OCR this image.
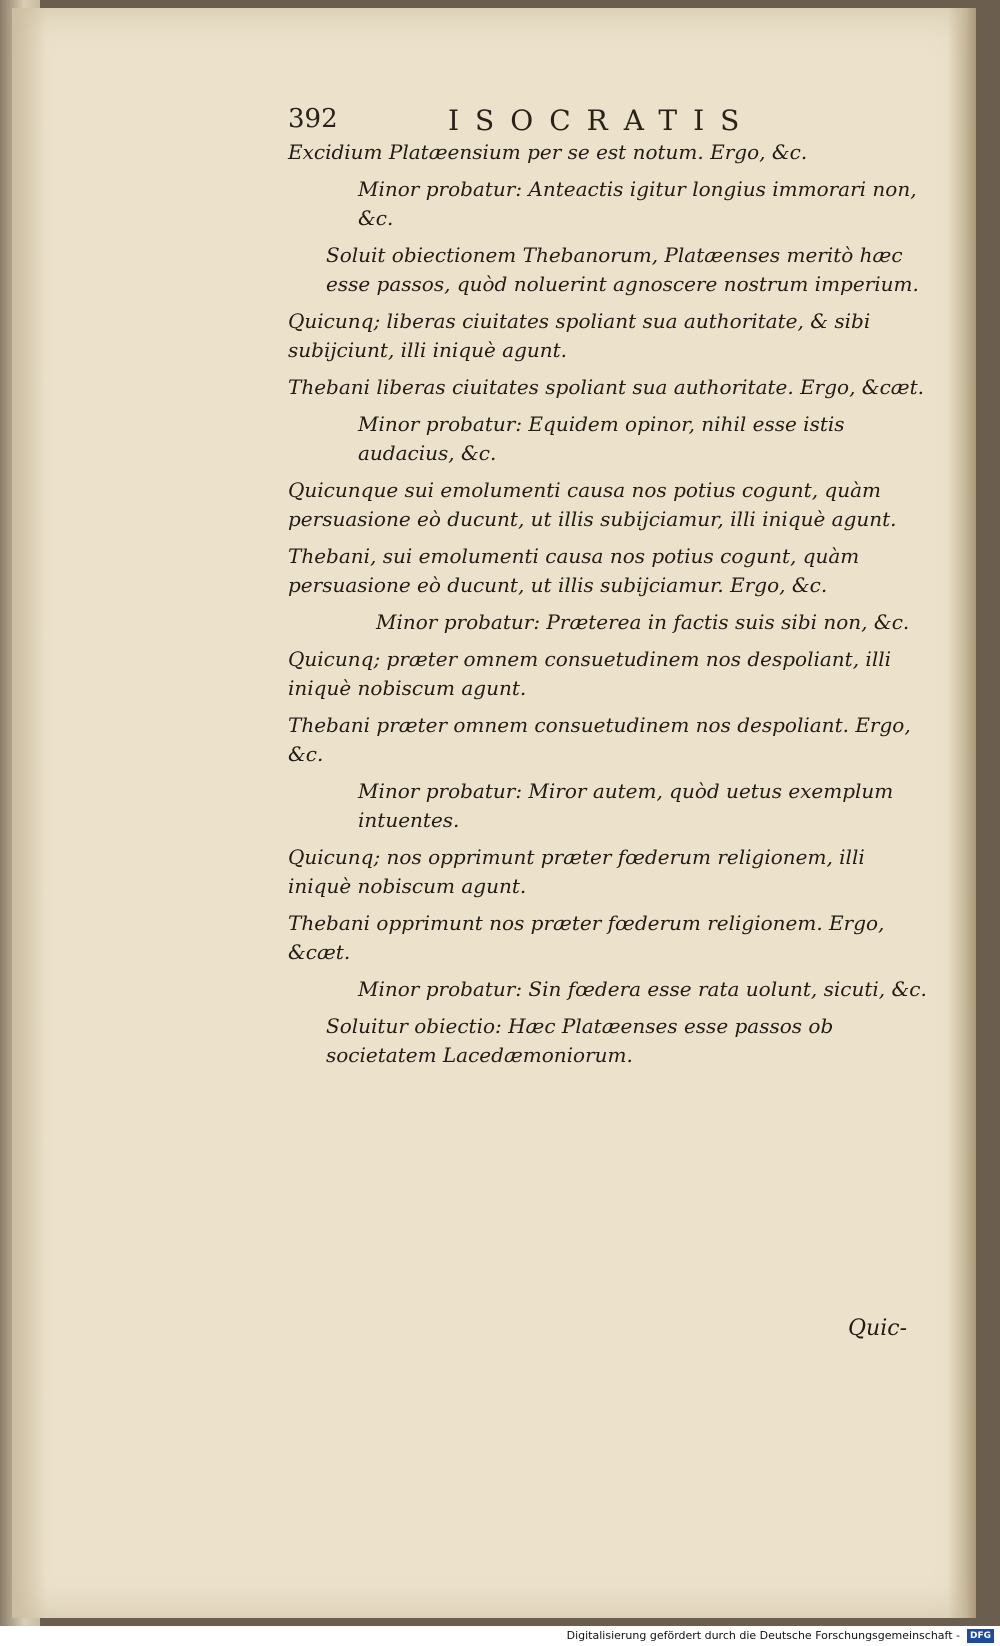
392	ISOCRATIS

Excidium Platæensium per se est notum. Ergo, &c.

Minor probatur: Anteactis igitur longius immorari non, &c.

Soluit obiectionem Thebanorum, Platæenses meritò hæc esse passos, quòd noluerint agnoscere nostrum imperium.

Quicunq; liberas ciuitates spoliant sua authoritate, & sibi subijciunt, illi iniquè agunt.

Thebani liberas ciuitates spoliant sua authoritate. Ergo, &cæt.

Minor probatur: Equidem opinor, nihil esse istis audacius, &c.

Quicunque sui emolumenti causa nos potius cogunt, quàm persuasione eò ducunt, ut illis subijciamur, illi iniquè agunt.

Thebani, sui emolumenti causa nos potius cogunt, quàm persuasione eò ducunt, ut illis subijciamur. Ergo, &c.

Minor probatur: Præterea in factis suis sibi non, &c.

Quicunq; præter omnem consuetudinem nos despoliant, illi iniquè nobiscum agunt.

Thebani præter omnem consuetudinem nos despoliant. Ergo, &c.

Minor probatur: Miror autem, quòd uetus exemplum intuentes.

Quicunq; nos opprimunt præter fœderum religionem, illi iniquè nobiscum agunt.

Thebani opprimunt nos præter fœderum religionem. Ergo, &cæt.

Minor probatur: Sin fœdera esse rata uolunt, sicuti, &c.

Soluitur obiectio: Hæc Platæenses esse passos ob societatem Lacedæmoniorum.

Quic-
Digitalisierung gefördert durch die Deutsche Forschungsgemeinschaft -	DFG
